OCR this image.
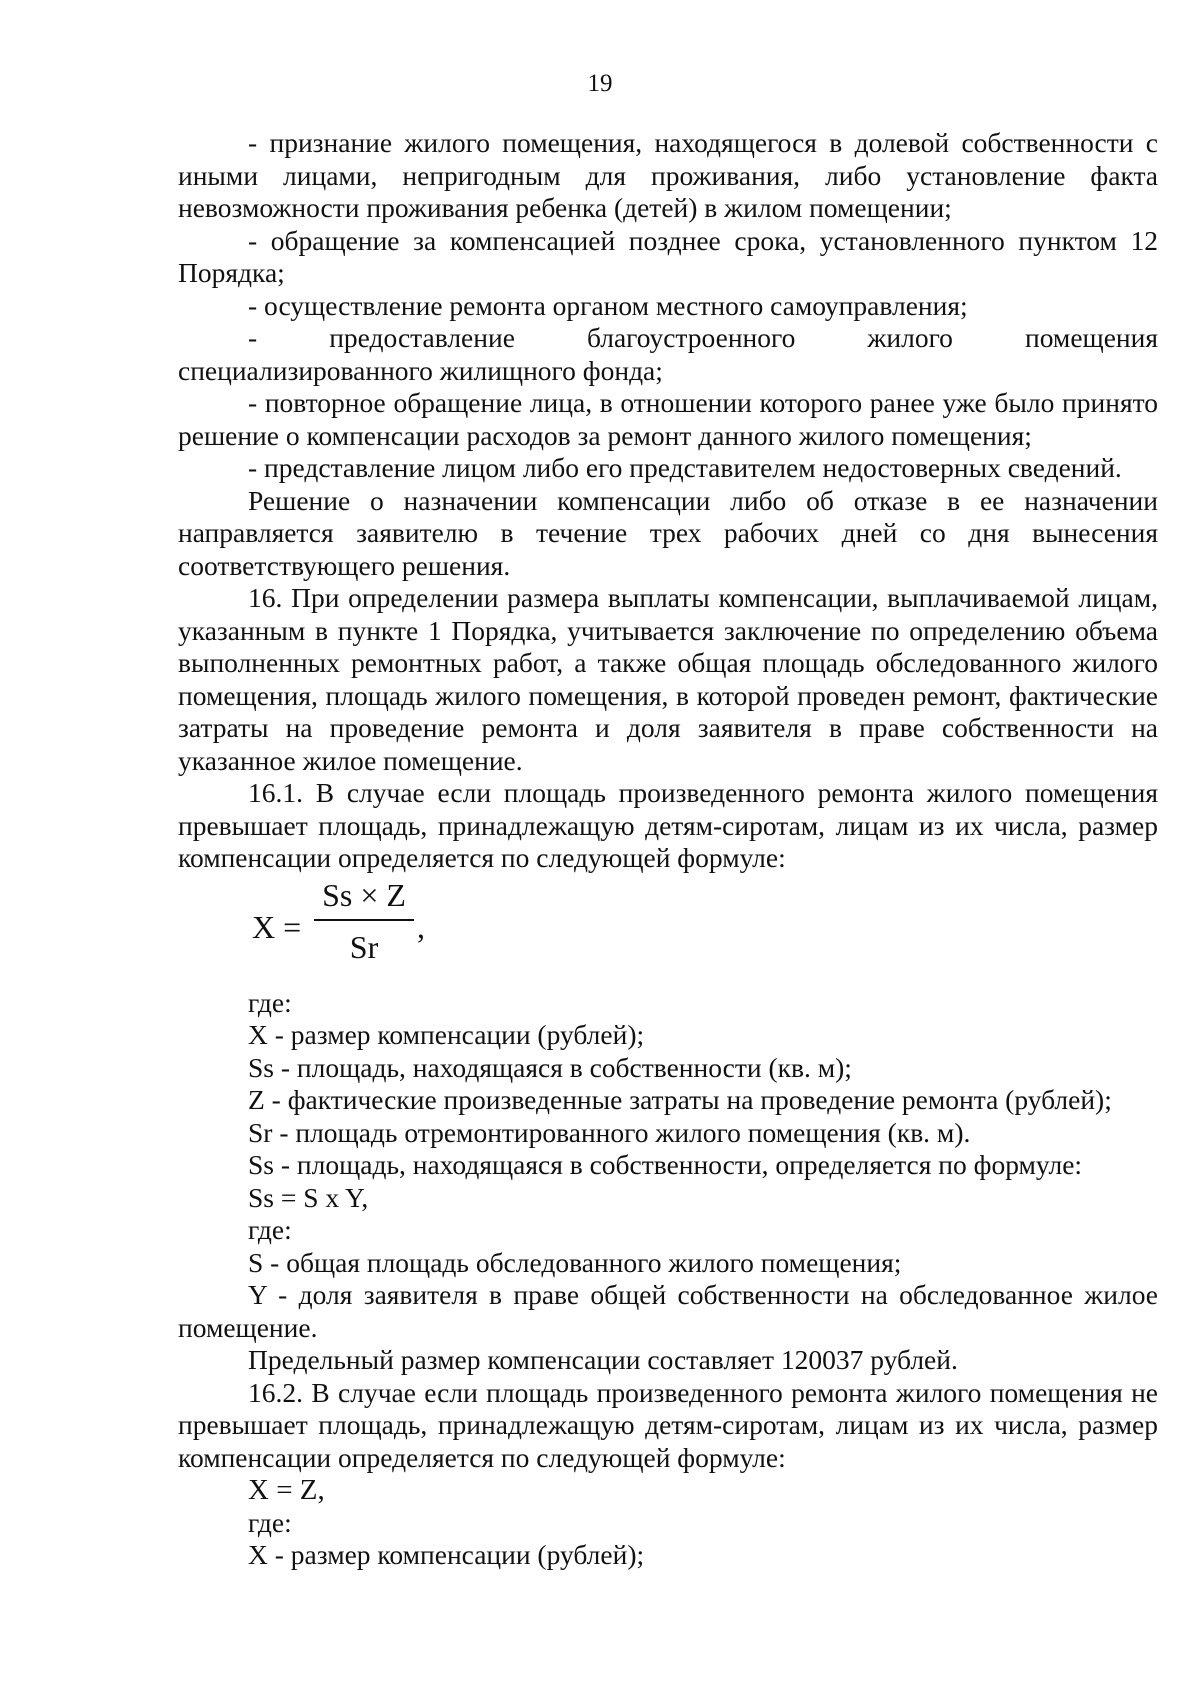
19

- признание жилого помещения, находящегося в долевой собственности с иными лицами, непригодным для проживания, либо установление факта невозможности проживания ребенка (детей) в жилом помещении;

- обращение за компенсацией позднее срока, установленного пунктом 12 Порядка;

- осуществление ремонта органом местного самоуправления;

- предоставление благоустроенного жилого помещения специализированного жилищного фонда;

- повторное обращение лица, в отношении которого ранее уже было принято решение о компенсации расходов за ремонт данного жилого помещения;

- представление лицом либо его представителем недостоверных сведений.

Решение о назначении компенсации либо об отказе в ее назначении направляется заявителю в течение трех рабочих дней со дня вынесения соответствующего решения.

16. При определении размера выплаты компенсации, выплачиваемой лицам, указанным в пункте 1 Порядка, учитывается заключение по определению объема выполненных ремонтных работ, а также общая площадь обследованного жилого помещения, площадь жилого помещения, в которой проведен ремонт, фактические затраты на проведение ремонта и доля заявителя в праве собственности на указанное жилое помещение.

16.1. В случае если площадь произведенного ремонта жилого помещения превышает площадь, принадлежащую детям-сиротам, лицам из их числа, размер компенсации определяется по следующей формуле:

X =
Ss × Z
Sr
,

где:

X - размер компенсации (рублей);

Ss - площадь, находящаяся в собственности (кв. м);

Z - фактические произведенные затраты на проведение ремонта (рублей);

Sr - площадь отремонтированного жилого помещения (кв. м).

Ss - площадь, находящаяся в собственности, определяется по формуле:

Ss = S x Y,

где:

S - общая площадь обследованного жилого помещения;

Y - доля заявителя в праве общей собственности на обследованное жилое помещение.

Предельный размер компенсации составляет 120037 рублей.

16.2. В случае если площадь произведенного ремонта жилого помещения не превышает площадь, принадлежащую детям-сиротам, лицам из их числа, размер компенсации определяется по следующей формуле:

X = Z,

где:

X - размер компенсации (рублей);
